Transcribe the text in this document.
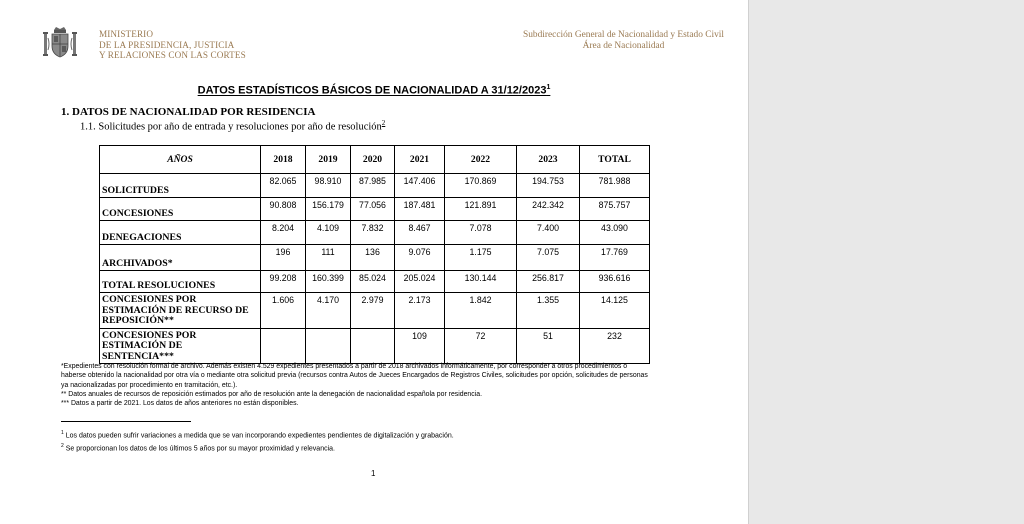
MINISTERIO
DE LA PRESIDENCIA, JUSTICIA
Y RELACIONES CON LAS CORTES
Subdirección General de Nacionalidad y Estado Civil
Área de Nacionalidad
DATOS ESTADÍSTICOS BÁSICOS DE NACIONALIDAD A 31/12/2023$^1$
1. DATOS DE NACIONALIDAD POR RESIDENCIA
1.1. Solicitudes por año de entrada y resoluciones por año de resolución$^2$
AÑOS	2018	2019	2020	2021	2022	2023	TOTAL
SOLICITUDES	82.065	98.910	87.985	147.406	170.869	194.753	781.988
CONCESIONES	90.808	156.179	77.056	187.481	121.891	242.342	875.757
DENEGACIONES	8.204	4.109	7.832	8.467	7.078	7.400	43.090
ARCHIVADOS*	196	111	136	9.076	1.175	7.075	17.769
TOTAL RESOLUCIONES	99.208	160.399	85.024	205.024	130.144	256.817	936.616

CONCESIONES POR
ESTIMACIÓN DE RECURSO DE
REPOSICIÓN**	1.606	4.170	2.979	2.173	1.842	1.355	14.125

CONCESIONES POR
ESTIMACIÓN DE
SENTENCIA***				109	72	51	232
*Expedientes con resolución formal de archivo. Además existen 4.529 expedientes presentados a partir de 2018 archivados informáticamente, por corresponder a otros procedimientos o
haberse obtenido la nacionalidad por otra vía o mediante otra solicitud previa (recursos contra Autos de Jueces Encargados de Registros Civiles, solicitudes por opción, solicitudes de personas
ya nacionalizadas por procedimiento en tramitación, etc.).
** Datos anuales de recursos de reposición estimados por año de resolución ante la denegación de nacionalidad española por residencia.
*** Datos a partir de 2021. Los datos de años anteriores no están disponibles.
$^1$ Los datos pueden sufrir variaciones a medida que se van incorporando expedientes pendientes de digitalización y grabación.
$^2$ Se proporcionan los datos de los últimos 5 años por su mayor proximidad y relevancia.
1
